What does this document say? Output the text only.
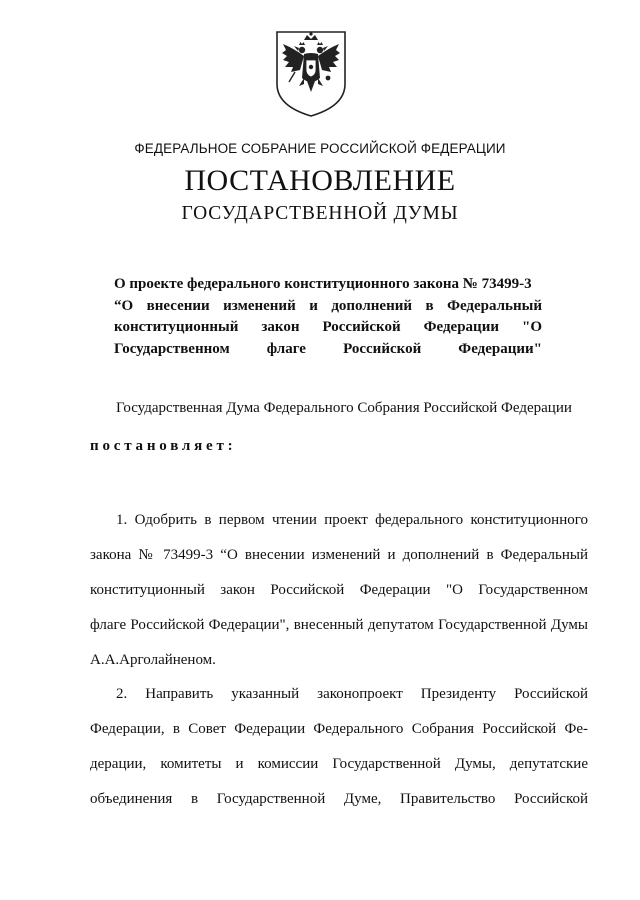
ФЕДЕРАЛЬНОЕ СОБРАНИЕ РОССИЙСКОЙ ФЕДЕРАЦИИ
ПОСТАНОВЛЕНИЕ
ГОСУДАРСТВЕННОЙ ДУМЫ
О проекте федерального конституционного закона № 73499-3
“О внесении изменений и дополнений в Федеральный
конституционный закон Российской Федерации "О
Государственном флаге Российской Федерации"
Государственная Дума Федерального Собрания Российской Федерации
постановляет:
1. Одобрить в первом чтении проект федерального конституционного
закона № 73499-3 “О внесении изменений и дополнений в Федеральный
конституционный закон Российской Федерации "О Государственном
флаге Российской Федерации", внесенный депутатом Государственной Думы
А.А.Арголайненом.
2. Направить указанный законопроект Президенту Российской
Федерации, в Совет Федерации Федерального Собрания Российской Фе-
дерации, комитеты и комиссии Государственной Думы, депутатские
объединения в Государственной Думе, Правительство Российской
